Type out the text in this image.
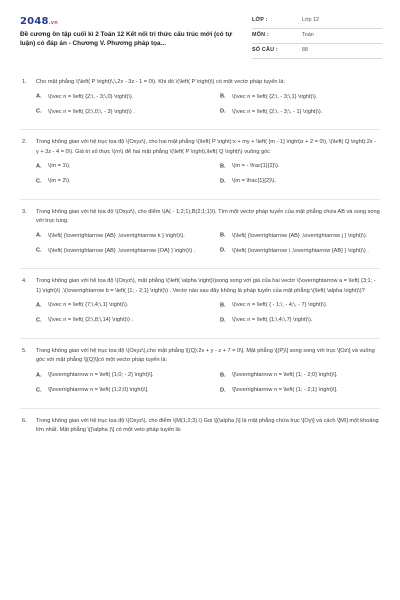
2048.vn
Đề cương ôn tập cuối kì 2 Toán 12 Kết nối tri thức cấu trúc mới (có tự luận) có đáp án - Chương V. Phương pháp tọa...
LỚP :	Lớp 12
MÔN :	Toán
SỐ CÂU :	88
1. Cho mặt phẳng \(\left( P \right)\,\,2x - 3z - 1 = 0\). Khi đó \(\left( P \right)\) có một vectơ pháp tuyến là:
A. \(\vec n = \left( {2;\, - 3;\,0} \right)\).	B. \(\vec n = \left( {2;\, - 3;\,1} \right)\).
C. \(\vec n = \left( {2;\,0;\, - 3} \right)\) .	D. \(\vec n = \left( {2;\, - 3;\, - 1} \right)\).
2. Trong không gian với hệ trục tọa độ \(Oxyz\), cho hai mặt phẳng \(\left( P \right):x + my + \left( {m - 1} \right)z + 2 = 0\), \(\left( Q \right):2x - y + 3z - 4 = 0\). Giá trị số thực \(m\) để hai mặt phẳng \(\left( P \right),\left( Q \right)\) vuông góc
A. \(m = 1\).	B. \(m = - \frac{1}{2}\).
C. \(m = 2\).	D. \(m = \frac{1}{2}\).
3. Trong không gian với hệ tọa độ \(Oxyz\), cho điểm \(A( - 1;2;1),B(2;1;1)\). Tìm một vectơ pháp tuyến của mặt phẳng chứa AB và song song với trục tung.
A. \(\left( {\overrightarrow {AB} ,\overrightarrow k } \right)\).	B. \(\left( {\overrightarrow {AB} ,\overrightarrow j } \right)\).
C. \(\left( {\overrightarrow {AB} ,\overrightarrow {OA} } \right)\) .	D. \(\left( {\overrightarrow i ,\overrightarrow {AB} } \right)\) .
4. Trong không gian với hệ tọa độ \(Oxyz\), mặt phẳng \(\left( \alpha \right)\)song song với giá của hai vectơ \(\overrightarrow a = \left( {3;1; - 1} \right)\) ,\(\overrightarrow b = \left( {1; - 2;1} \right)\) . Vectơ nào sau đây không là pháp tuyến của mặt phẳng \(\left( \alpha \right)\)?
A. \(\vec n = \left( {7;\,4;\,1} \right)\).	B. \(\vec n = \left( { - 1;\, - 4;\, - 7} \right)\).
C. \(\vec n = \left( {2;\,8;\,14} \right)\) .	D. \(\vec n = \left( {1;\,4;\,7} \right)\).
5. Trong không gian với hệ trục tọa độ \(Oxyz\),cho mặt phẳng \[(Q):2x + y - z + 7 = 0\]. Mặt phẳng \[(P)\] song song với trục \[Oz\] và vuông góc với mặt phẳng \[(Q)\]có một vectơ pháp tuyến là:
A. \[\overrightarrow n = \left( {1;0; - 2} \right)\].	B. \[\overrightarrow n = \left( {1; - 2;0} \right)\].
C. \[\overrightarrow n = \left( {1;2;0} \right)\].	D. \[\overrightarrow n = \left( {1; - 2;1} \right)\].
6. Trong không gian với hệ trục tọa độ \(Oxyz\), cho điểm \(M(1;2;3).\) Gọi \[(\alpha )\] là mặt phẳng chứa trục \[Oy\] và cách \[M\] một khoảng lớn nhất. Mặt phẳng \[(\alpha )\] có một veto pháp tuyến là:
